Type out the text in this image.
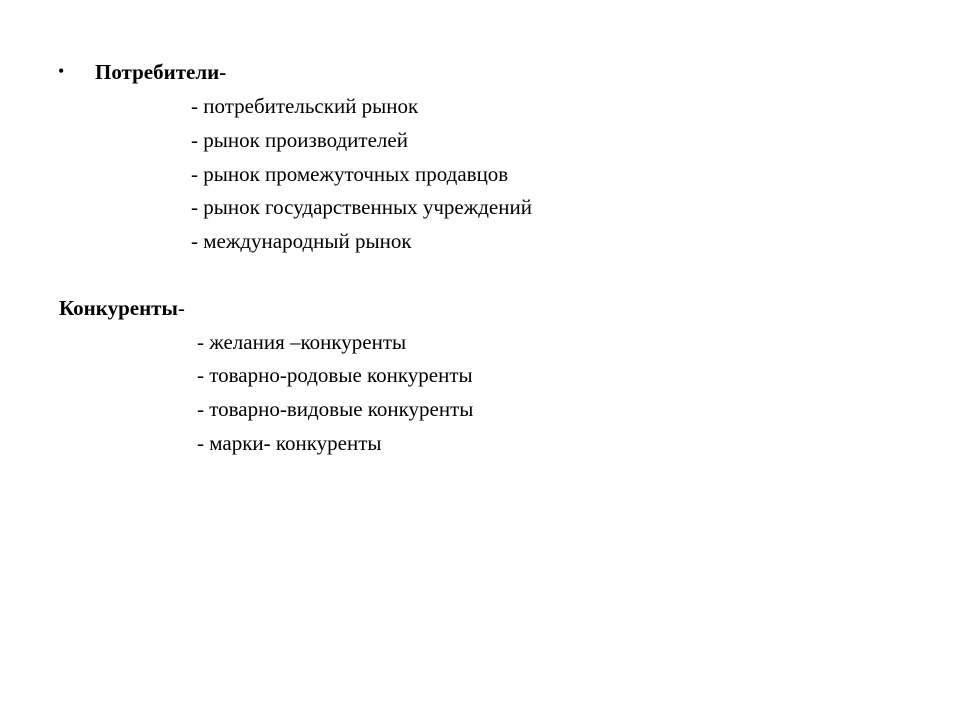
• Потребители-
- потребительский рынок
- рынок производителей
- рынок промежуточных продавцов
- рынок государственных учреждений
- международный рынок
Конкуренты-
- желания –конкуренты
- товарно-родовые конкуренты
- товарно-видовые конкуренты
- марки- конкуренты
